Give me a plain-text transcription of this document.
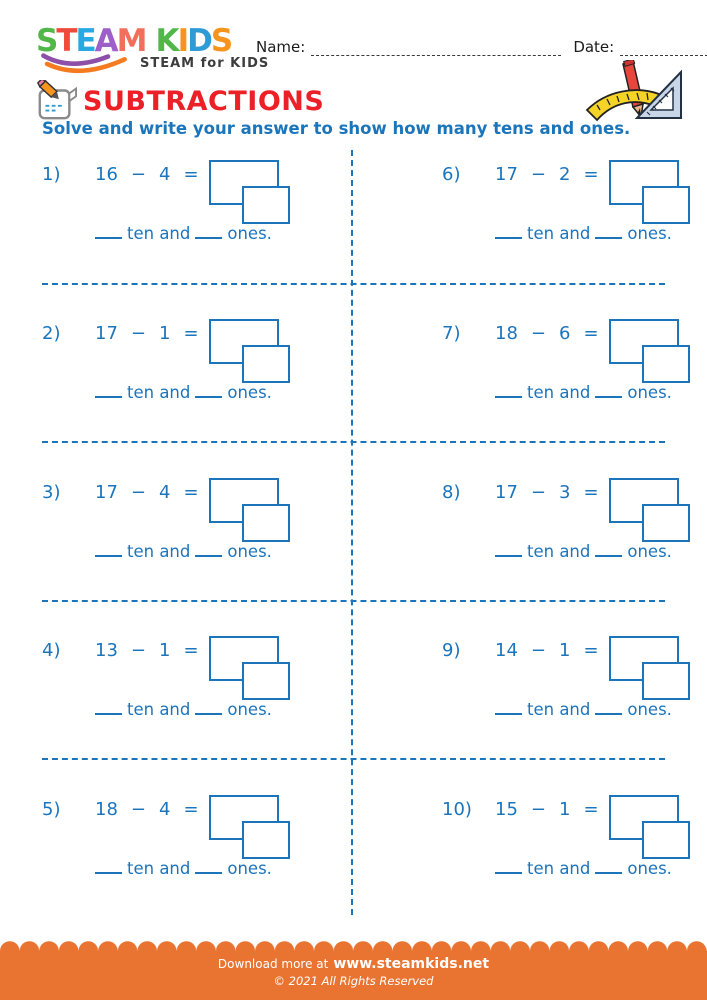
STEAM KIDS
STEAM for KIDS
Name:	Date:
SUBTRACTIONS
Solve and write your answer to show how many tens and ones.
1)	16 − 4 =
ten and ones.
6)	17 − 2 =
ten and ones.
2)	17 − 1 =
ten and ones.
7)	18 − 6 =
ten and ones.
3)	17 − 4 =
ten and ones.
8)	17 − 3 =
ten and ones.
4)	13 − 1 =
ten and ones.
9)	14 − 1 =
ten and ones.
5)	18 − 4 =
ten and ones.
10)	15 − 1 =
ten and ones.
Download more at www.steamkids.net
© 2021 All Rights Reserved
